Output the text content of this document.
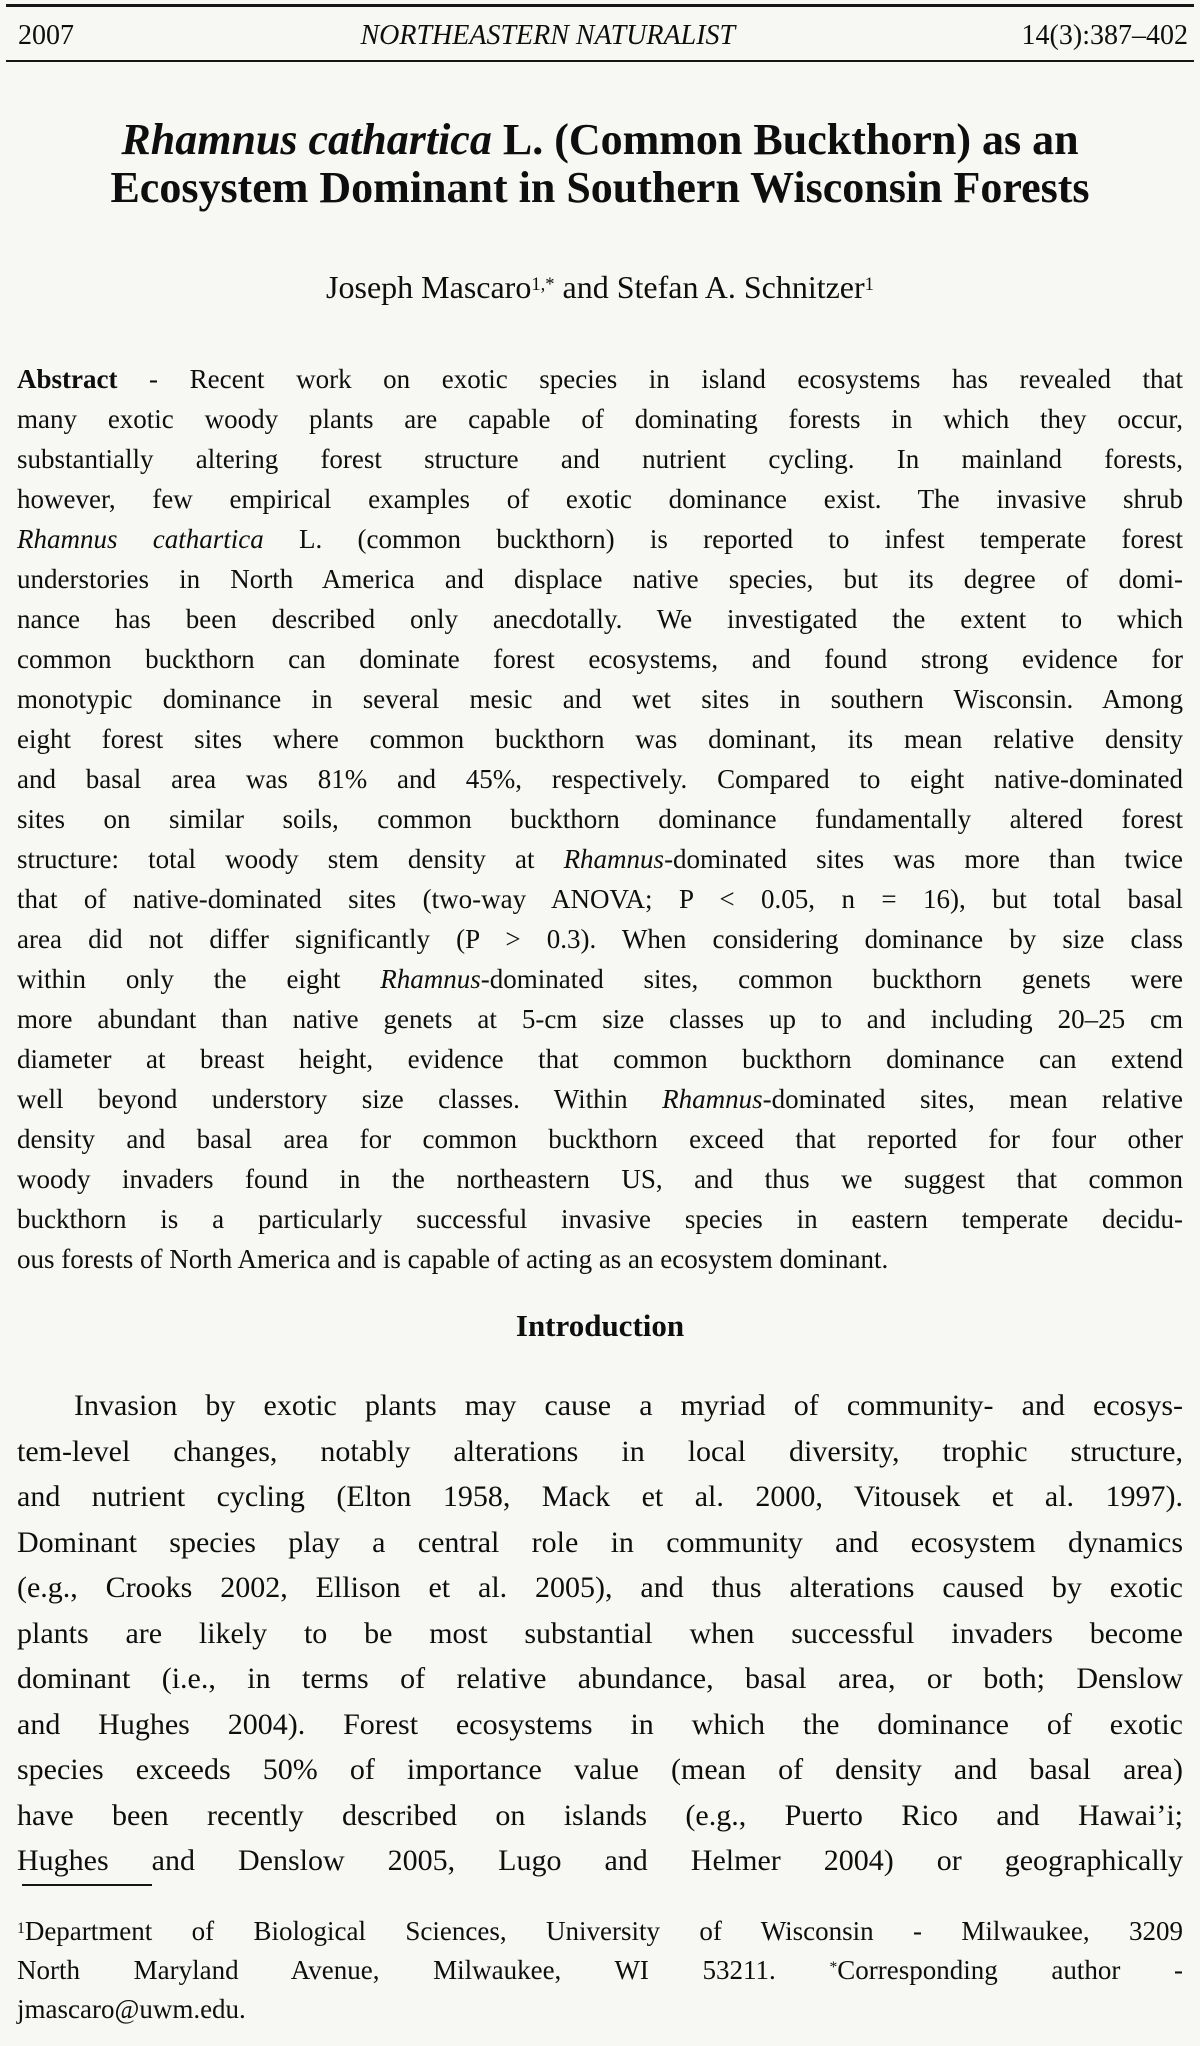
2007	NORTHEASTERN NATURALIST	14(3):387–402
Rhamnus cathartica L. (Common Buckthorn) as an
Ecosystem Dominant in Southern Wisconsin Forests
Joseph Mascaro$^{1,*}$ and Stefan A. Schnitzer$^1$
Abstract - Recent work on exotic species in island ecosystems has revealed that
many exotic woody plants are capable of dominating forests in which they occur,
substantially altering forest structure and nutrient cycling. In mainland forests,
however, few empirical examples of exotic dominance exist. The invasive shrub
Rhamnus cathartica L. (common buckthorn) is reported to infest temperate forest
understories in North America and displace native species, but its degree of domi-
nance has been described only anecdotally. We investigated the extent to which
common buckthorn can dominate forest ecosystems, and found strong evidence for
monotypic dominance in several mesic and wet sites in southern Wisconsin. Among
eight forest sites where common buckthorn was dominant, its mean relative density
and basal area was 81% and 45%, respectively. Compared to eight native-dominated
sites on similar soils, common buckthorn dominance fundamentally altered forest
structure: total woody stem density at Rhamnus-dominated sites was more than twice
that of native-dominated sites (two-way ANOVA; P < 0.05, n = 16), but total basal
area did not differ significantly (P > 0.3). When considering dominance by size class
within only the eight Rhamnus-dominated sites, common buckthorn genets were
more abundant than native genets at 5-cm size classes up to and including 20–25 cm
diameter at breast height, evidence that common buckthorn dominance can extend
well beyond understory size classes. Within Rhamnus-dominated sites, mean relative
density and basal area for common buckthorn exceed that reported for four other
woody invaders found in the northeastern US, and thus we suggest that common
buckthorn is a particularly successful invasive species in eastern temperate decidu-
ous forests of North America and is capable of acting as an ecosystem dominant.
Introduction
Invasion by exotic plants may cause a myriad of community- and ecosys-
tem-level changes, notably alterations in local diversity, trophic structure,
and nutrient cycling (Elton 1958, Mack et al. 2000, Vitousek et al. 1997).
Dominant species play a central role in community and ecosystem dynamics
(e.g., Crooks 2002, Ellison et al. 2005), and thus alterations caused by exotic
plants are likely to be most substantial when successful invaders become
dominant (i.e., in terms of relative abundance, basal area, or both; Denslow
and Hughes 2004). Forest ecosystems in which the dominance of exotic
species exceeds 50% of importance value (mean of density and basal area)
have been recently described on islands (e.g., Puerto Rico and Hawai’i;
Hughes and Denslow 2005, Lugo and Helmer 2004) or geographically
$^1$Department of Biological Sciences, University of Wisconsin - Milwaukee, 3209
North Maryland Avenue, Milwaukee, WI 53211. *Corresponding author -
jmascaro@uwm.edu.
